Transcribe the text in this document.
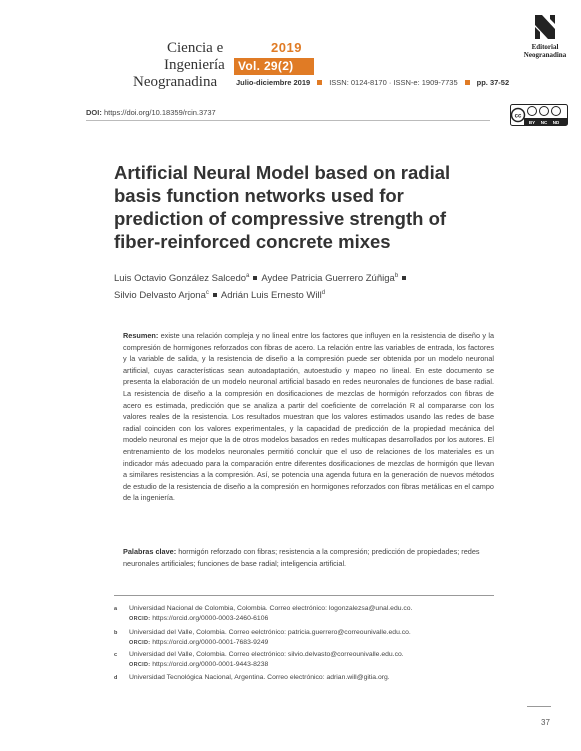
Ciencia e
Ingeniería
Neogranadina
2019
Vol. 29(2)
Julio-diciembre 2019	ISSN: 0124-8170 · ISSN-e: 1909-7735	pp. 37-52
Editorial
Neogranadina
DOI: https://doi.org/10.18359/rcin.3737	cc
BY NC ND
Artificial Neural Model based on radial basis function networks used for prediction of compressive strength of fiber-reinforced concrete mixes
Luis Octavio González Salcedo$^a$ Aydee Patricia Guerrero Zúñiga$^b$
Silvio Delvasto Arjona$^c$ Adrián Luis Ernesto Will$^d$

Resumen: existe una relación compleja y no lineal entre los factores que influyen en la resistencia de diseño y la compresión de hormigones reforzados con fibras de acero. La relación entre las variables de entrada, los factores y la variable de salida, y la resistencia de diseño a la compresión puede ser obtenida por un modelo neuronal artificial, cuyas características sean autoadaptación, autoestudio y mapeo no lineal. En este documento se presenta la elaboración de un modelo neuronal artificial basado en redes neuronales de funciones de base radial. La resistencia de diseño a la compresión en dosificaciones de mezclas de hormigón reforzados con fibras de acero es estimada, predicción que se analiza a partir del coeficiente de correlación R al compararse con los valores reales de la resistencia. Los resultados muestran que los valores estimados usando las redes de base radial coinciden con los valores experimentales, y la capacidad de predicción de la propiedad mecánica del modelo neuronal es mejor que la de otros modelos basados en redes multicapas desarrollados por los autores. El entrenamiento de los modelos neuronales permitió concluir que el uso de relaciones de los materiales es un indicador más adecuado para la comparación entre diferentes dosificaciones de mezclas de hormigón que llevan a similares resistencias a la compresión. Así, se potencia una agenda futura en la generación de nuevos métodos de estudio de la resistencia de diseño a la compresión en hormigones reforzados con fibras metálicas en el campo de la ingeniería.

Palabras clave: hormigón reforzado con fibras; resistencia a la compresión; predicción de propiedades; redes neuronales artificiales; funciones de base radial; inteligencia artificial.

a Universidad Nacional de Colombia, Colombia. Correo electrónico: logonzalezsa@unal.edu.co.
ORCID: https://orcid.org/0000-0003-2460-6106
b Universidad del Valle, Colombia. Correo eelctrónico: patricia.guerrero@correounivalle.edu.co.
ORCID: https://orcid.org/0000-0001-7683-9249
c Universidad del Valle, Colombia. Correo electrónico: silvio.delvasto@correounivalle.edu.co.
ORCID: https://orcid.org/0000-0001-9443-8238
d Universidad Tecnológica Nacional, Argentina. Correo electrónico: adrian.will@gitia.org.
37
